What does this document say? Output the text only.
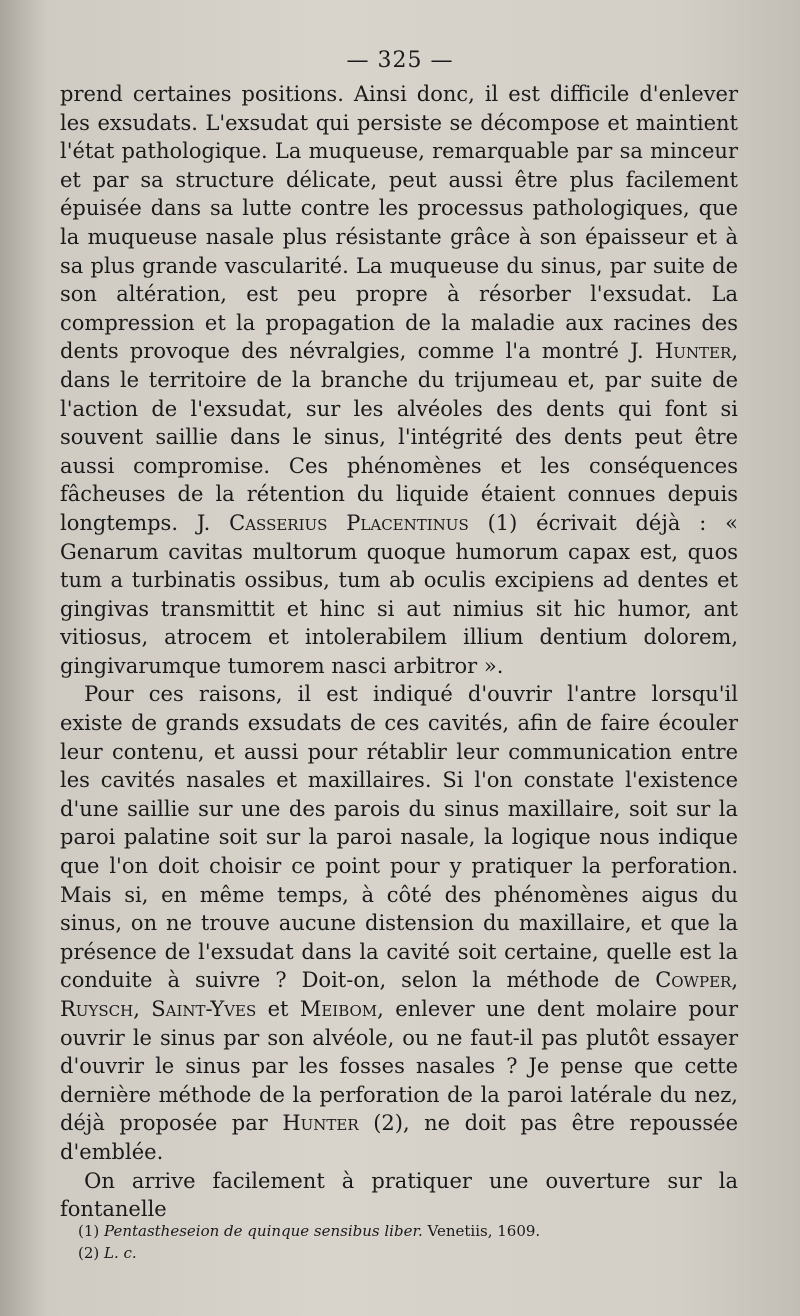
— 325 —

prend certaines positions. Ainsi donc, il est difficile d'enlever les exsudats. L'exsudat qui persiste se décompose et maintient l'état pathologique. La muqueuse, remarquable par sa minceur et par sa structure délicate, peut aussi être plus facilement épuisée dans sa lutte contre les processus pathologiques, que la muqueuse nasale plus résistante grâce à son épaisseur et à sa plus grande vascularité. La muqueuse du sinus, par suite de son altération, est peu propre à résorber l'exsudat. La compression et la propagation de la maladie aux racines des dents provoque des névralgies, comme l'a montré J. Hunter, dans le territoire de la branche du trijumeau et, par suite de l'action de l'exsudat, sur les alvéoles des dents qui font si souvent saillie dans le sinus, l'intégrité des dents peut être aussi compromise. Ces phénomènes et les conséquences fâcheuses de la rétention du liquide étaient connues depuis longtemps. J. Casserius Placentinus (1) écrivait déjà : « Genarum cavitas multorum quoque humorum capax est, quos tum a turbinatis ossibus, tum ab oculis excipiens ad dentes et gingivas transmittit et hinc si aut nimius sit hic humor, ant vitiosus, atrocem et intolerabilem illium dentium dolorem, gingivarumque tumorem nasci arbitror ».

Pour ces raisons, il est indiqué d'ouvrir l'antre lorsqu'il existe de grands exsudats de ces cavités, afin de faire écouler leur contenu, et aussi pour rétablir leur communication entre les cavités nasales et maxillaires. Si l'on constate l'existence d'une saillie sur une des parois du sinus maxillaire, soit sur la paroi palatine soit sur la paroi nasale, la logique nous indique que l'on doit choisir ce point pour y pratiquer la perforation. Mais si, en même temps, à côté des phénomènes aigus du sinus, on ne trouve aucune distension du maxillaire, et que la présence de l'exsudat dans la cavité soit certaine, quelle est la conduite à suivre ? Doit-on, selon la méthode de Cowper, Ruysch, Saint-Yves et Meibom, enlever une dent molaire pour ouvrir le sinus par son alvéole, ou ne faut-il pas plutôt essayer d'ouvrir le sinus par les fosses nasales ? Je pense que cette dernière méthode de la perforation de la paroi latérale du nez, déjà proposée par Hunter (2), ne doit pas être repoussée d'emblée.

On arrive facilement à pratiquer une ouverture sur la fontanelle

(1) Pentastheseion de quinque sensibus liber. Venetiis, 1609.

(2) L. c.
